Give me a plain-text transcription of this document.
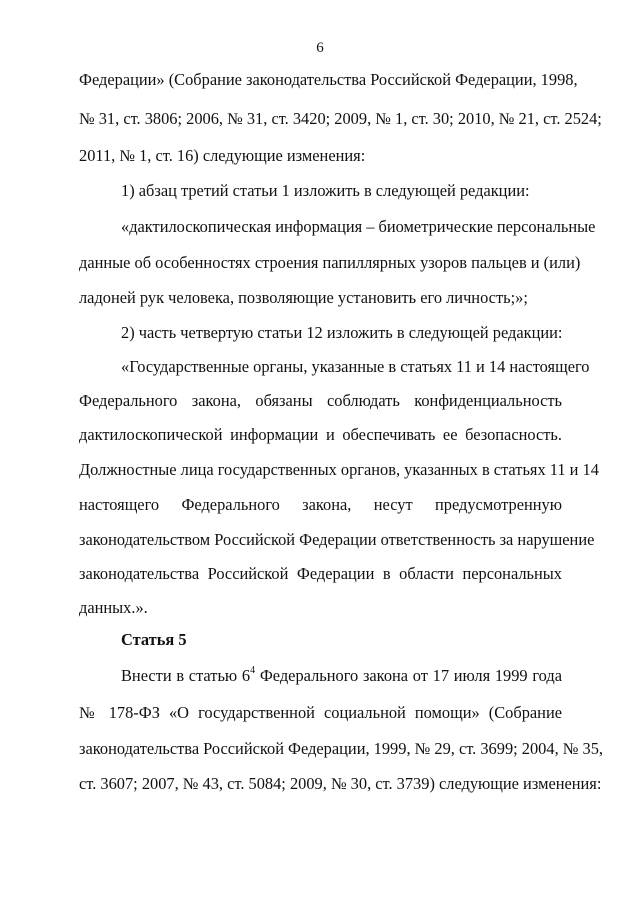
6
Федерации» (Собрание законодательства Российской Федерации, 1998,
№ 31, ст. 3806; 2006, № 31, ст. 3420; 2009, № 1, ст. 30; 2010, № 21, ст. 2524;
2011, № 1, ст. 16) следующие изменения:
1) абзац третий статьи 1 изложить в следующей редакции:
«дактилоскопическая информация – биометрические персональные
данные об особенностях строения папиллярных узоров пальцев и (или)
ладоней рук человека, позволяющие установить его личность;»;
2) часть четвертую статьи 12 изложить в следующей редакции:
«Государственные органы, указанные в статьях 11 и 14 настоящего
Федерального закона, обязаны соблюдать конфиденциальность
дактилоскопической информации и обеспечивать ее безопасность.
Должностные лица государственных органов, указанных в статьях 11 и 14
настоящего Федерального закона, несут предусмотренную
законодательством Российской Федерации ответственность за нарушение
законодательства Российской Федерации в области персональных
данных.».
Статья 5
Внести в статью $6^4$ Федерального закона от 17 июля 1999 года
№ 178-ФЗ «О государственной социальной помощи» (Собрание
законодательства Российской Федерации, 1999, № 29, ст. 3699; 2004, № 35,
ст. 3607; 2007, № 43, ст. 5084; 2009, № 30, ст. 3739) следующие изменения:
